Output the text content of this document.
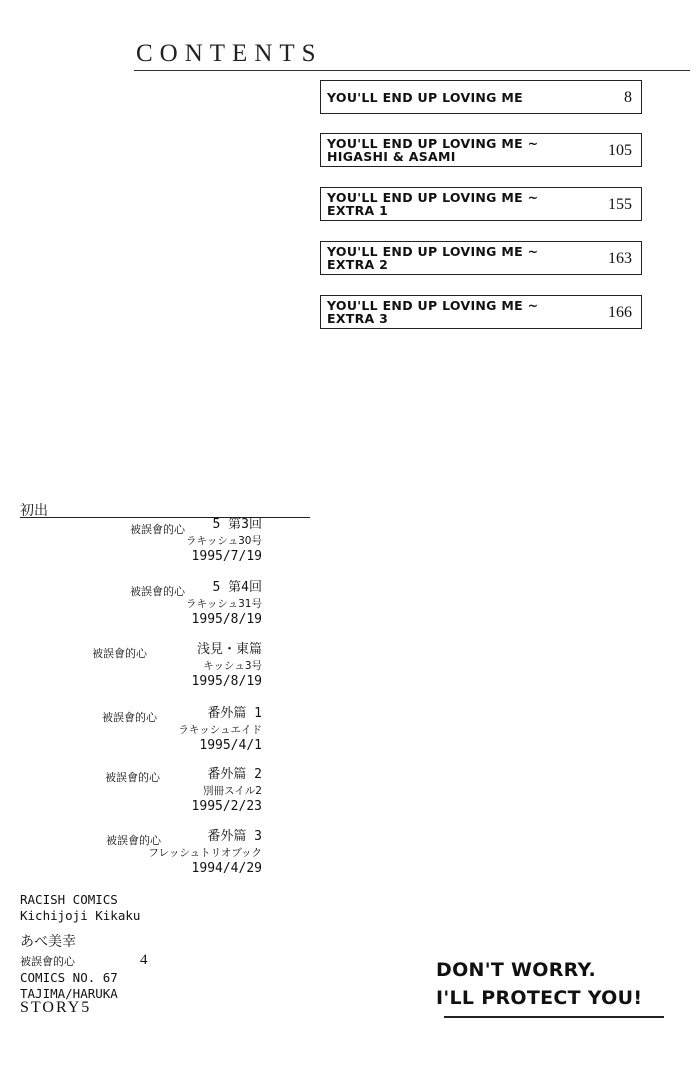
CONTENTS
YOU'LL END UP LOVING ME	8
YOU'LL END UP LOVING ME ~
HIGASHI & ASAMI	105
YOU'LL END UP LOVING ME ~
EXTRA 1	155
YOU'LL END UP LOVING ME ~
EXTRA 2	163
YOU'LL END UP LOVING ME ~
EXTRA 3	166
初出
被誤會的心	5 第3回
ラキッシュ30号
1995/7/19
被誤會的心	5 第4回
ラキッシュ31号
1995/8/19
被誤會的心	浅見・東篇
キッシュ3号
1995/8/19
被誤會的心	番外篇 1
ラキッシュエイド
1995/4/1
被誤會的心	番外篇 2
別冊スイル2
1995/2/23
被誤會的心	番外篇 3
フレッシュトリオブック
1994/4/29
RACISH COMICS
Kichijoji Kikaku
あべ美幸
被誤會的心	4
COMICS NO. 67
TAJIMA/HARUKA
STORY5
DON'T WORRY.
I'LL PROTECT YOU!
